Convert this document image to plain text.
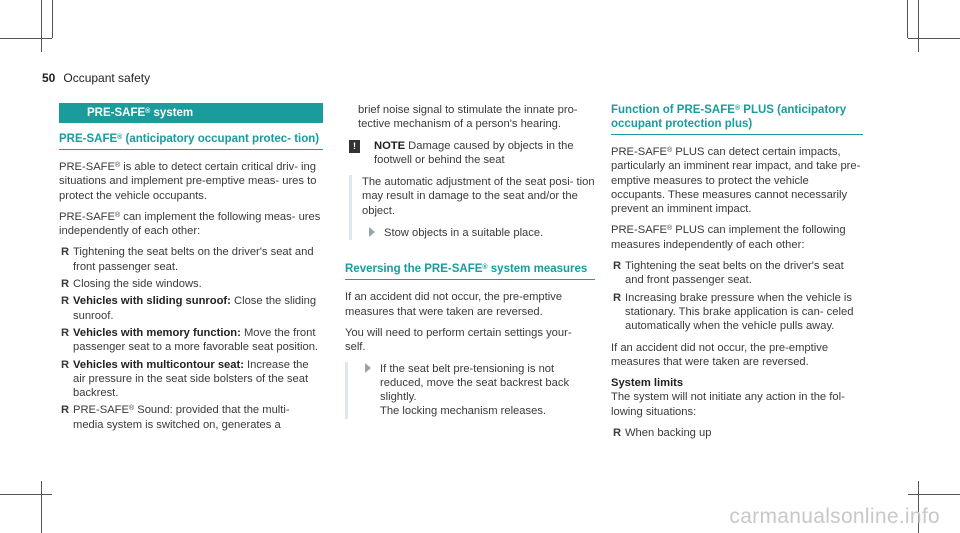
50 Occupant safety
PRE-SAFE® system
PRE-SAFE® (anticipatory occupant protec- tion)

PRE-SAFE® is able to detect certain critical driv- ing situations and implement pre-emptive meas- ures to protect the vehicle occupants.

PRE-SAFE® can implement the following meas- ures independently of each other:

R Tightening the seat belts on the driver's seat and front passenger seat.
R Closing the side windows.
R Vehicles with sliding sunroof: Close the sliding sunroof.
R Vehicles with memory function: Move the front passenger seat to a more favorable seat position.
R Vehicles with multicontour seat: Increase the air pressure in the seat side bolsters of the seat backrest.
R PRE-SAFE® Sound: provided that the multi- media system is switched on, generates a

brief noise signal to stimulate the innate pro- tective mechanism of a person's hearing.

!	NOTE Damage caused by objects in the footwell or behind the seat

The automatic adjustment of the seat posi- tion may result in damage to the seat and/or the object.

Stow objects in a suitable place.
Reversing the PRE-SAFE® system measures

If an accident did not occur, the pre-emptive measures that were taken are reversed.

You will need to perform certain settings your- self.

If the seat belt pre-tensioning is not reduced, move the seat backrest back slightly.
The locking mechanism releases.
Function of PRE-SAFE® PLUS (anticipatory occupant protection plus)

PRE-SAFE® PLUS can detect certain impacts, particularly an imminent rear impact, and take pre-emptive measures to protect the vehicle occupants. These measures cannot necessarily prevent an imminent impact.

PRE-SAFE® PLUS can implement the following measures independently of each other:

R Tightening the seat belts on the driver's seat and front passenger seat.
R Increasing brake pressure when the vehicle is stationary. This brake application is can- celed automatically when the vehicle pulls away.

If an accident did not occur, the pre-emptive measures that were taken are reversed.

System limits

The system will not initiate any action in the fol- lowing situations:

R When backing up
carmanualsonline.info
